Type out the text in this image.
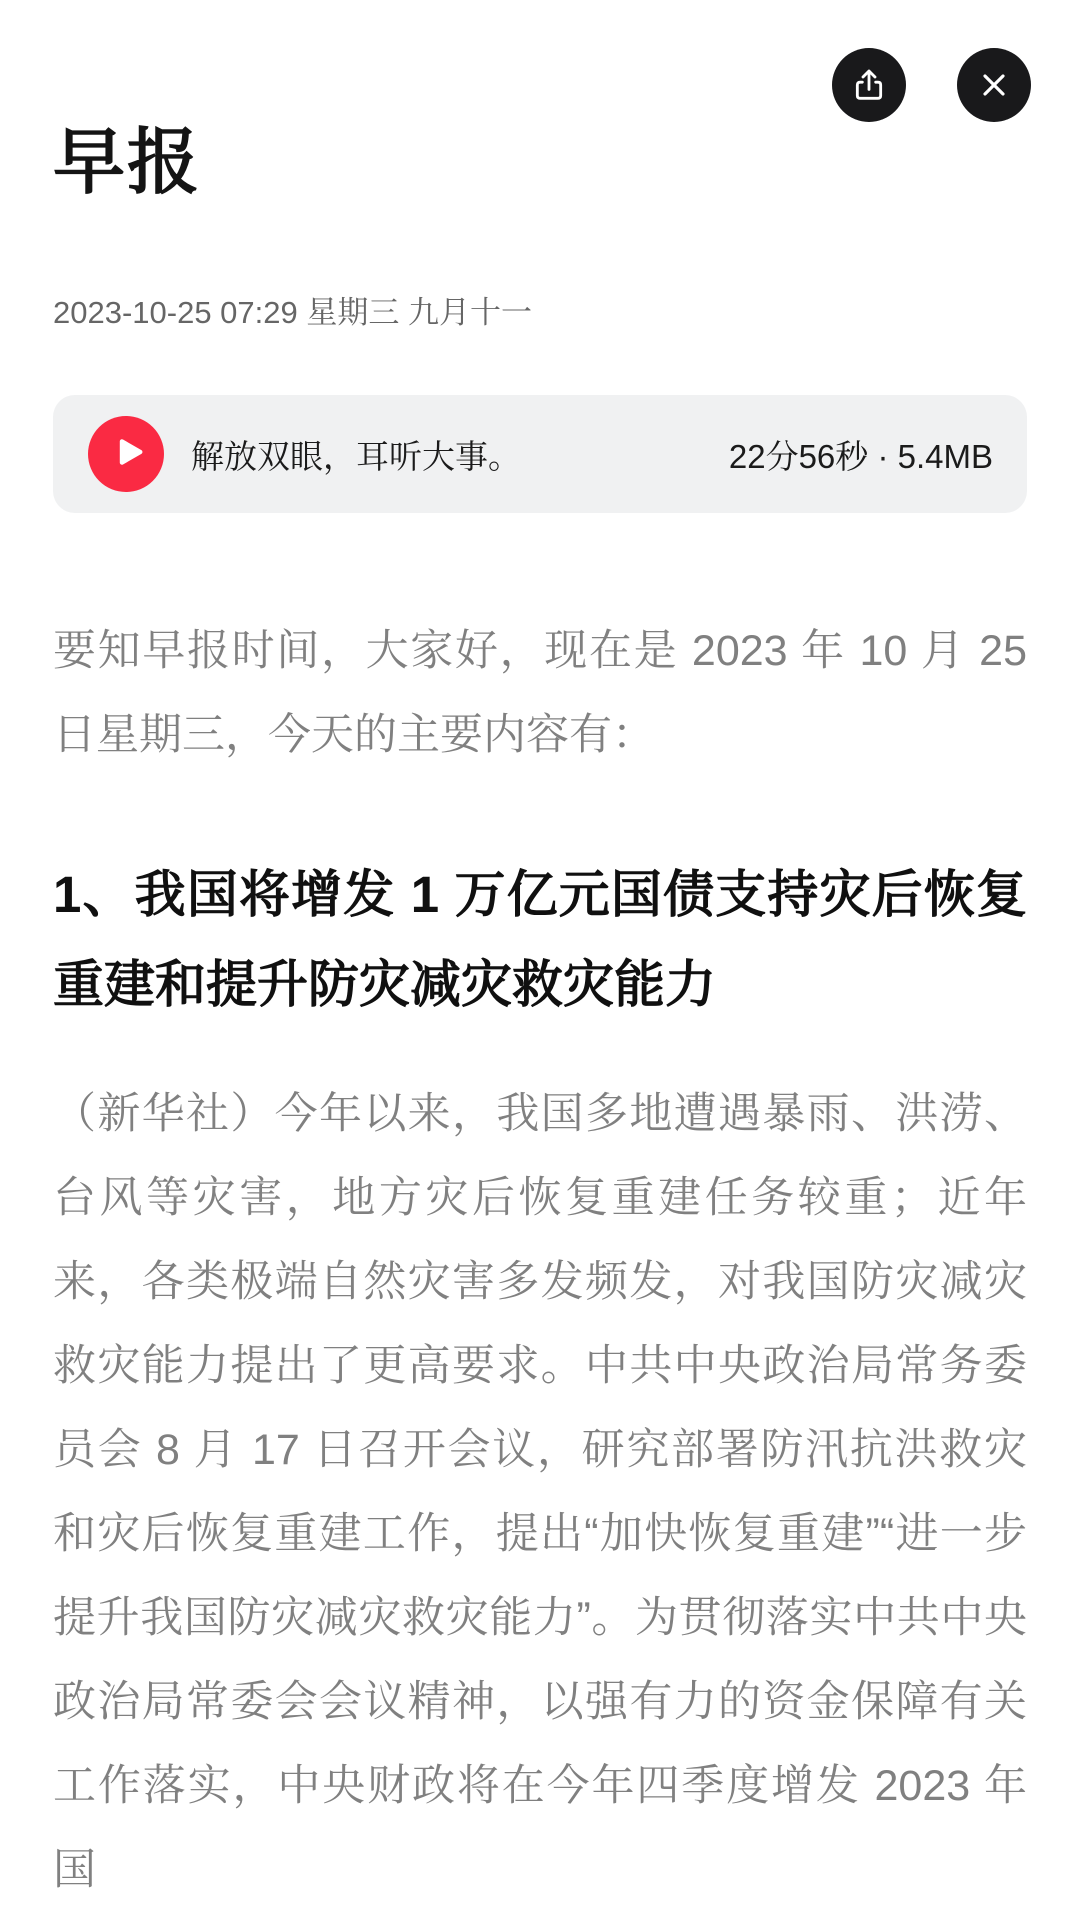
早报
2023-10-25 07:29 星期三 九月十一
解放双眼，耳听大事。	22分56秒 · 5.4MB
要知早报时间，大家好，现在是 2023 年 10 月 25 日星期三，今天的主要内容有：
1、我国将增发 1 万亿元国债支持灾后恢复重建和提升防灾减灾救灾能力
（新华社）今年以来，我国多地遭遇暴雨、洪涝、台风等灾害，地方灾后恢复重建任务较重；近年来，各类极端自然灾害多发频发，对我国防灾减灾救灾能力提出了更高要求。中共中央政治局常务委员会 8 月 17 日召开会议，研究部署防汛抗洪救灾和灾后恢复重建工作，提出“加快恢复重建”“进一步提升我国防灾减灾救灾能力”。为贯彻落实中共中央政治局常委会会议精神，以强有力的资金保障有关工作落实，中央财政将在今年四季度增发 2023 年国
